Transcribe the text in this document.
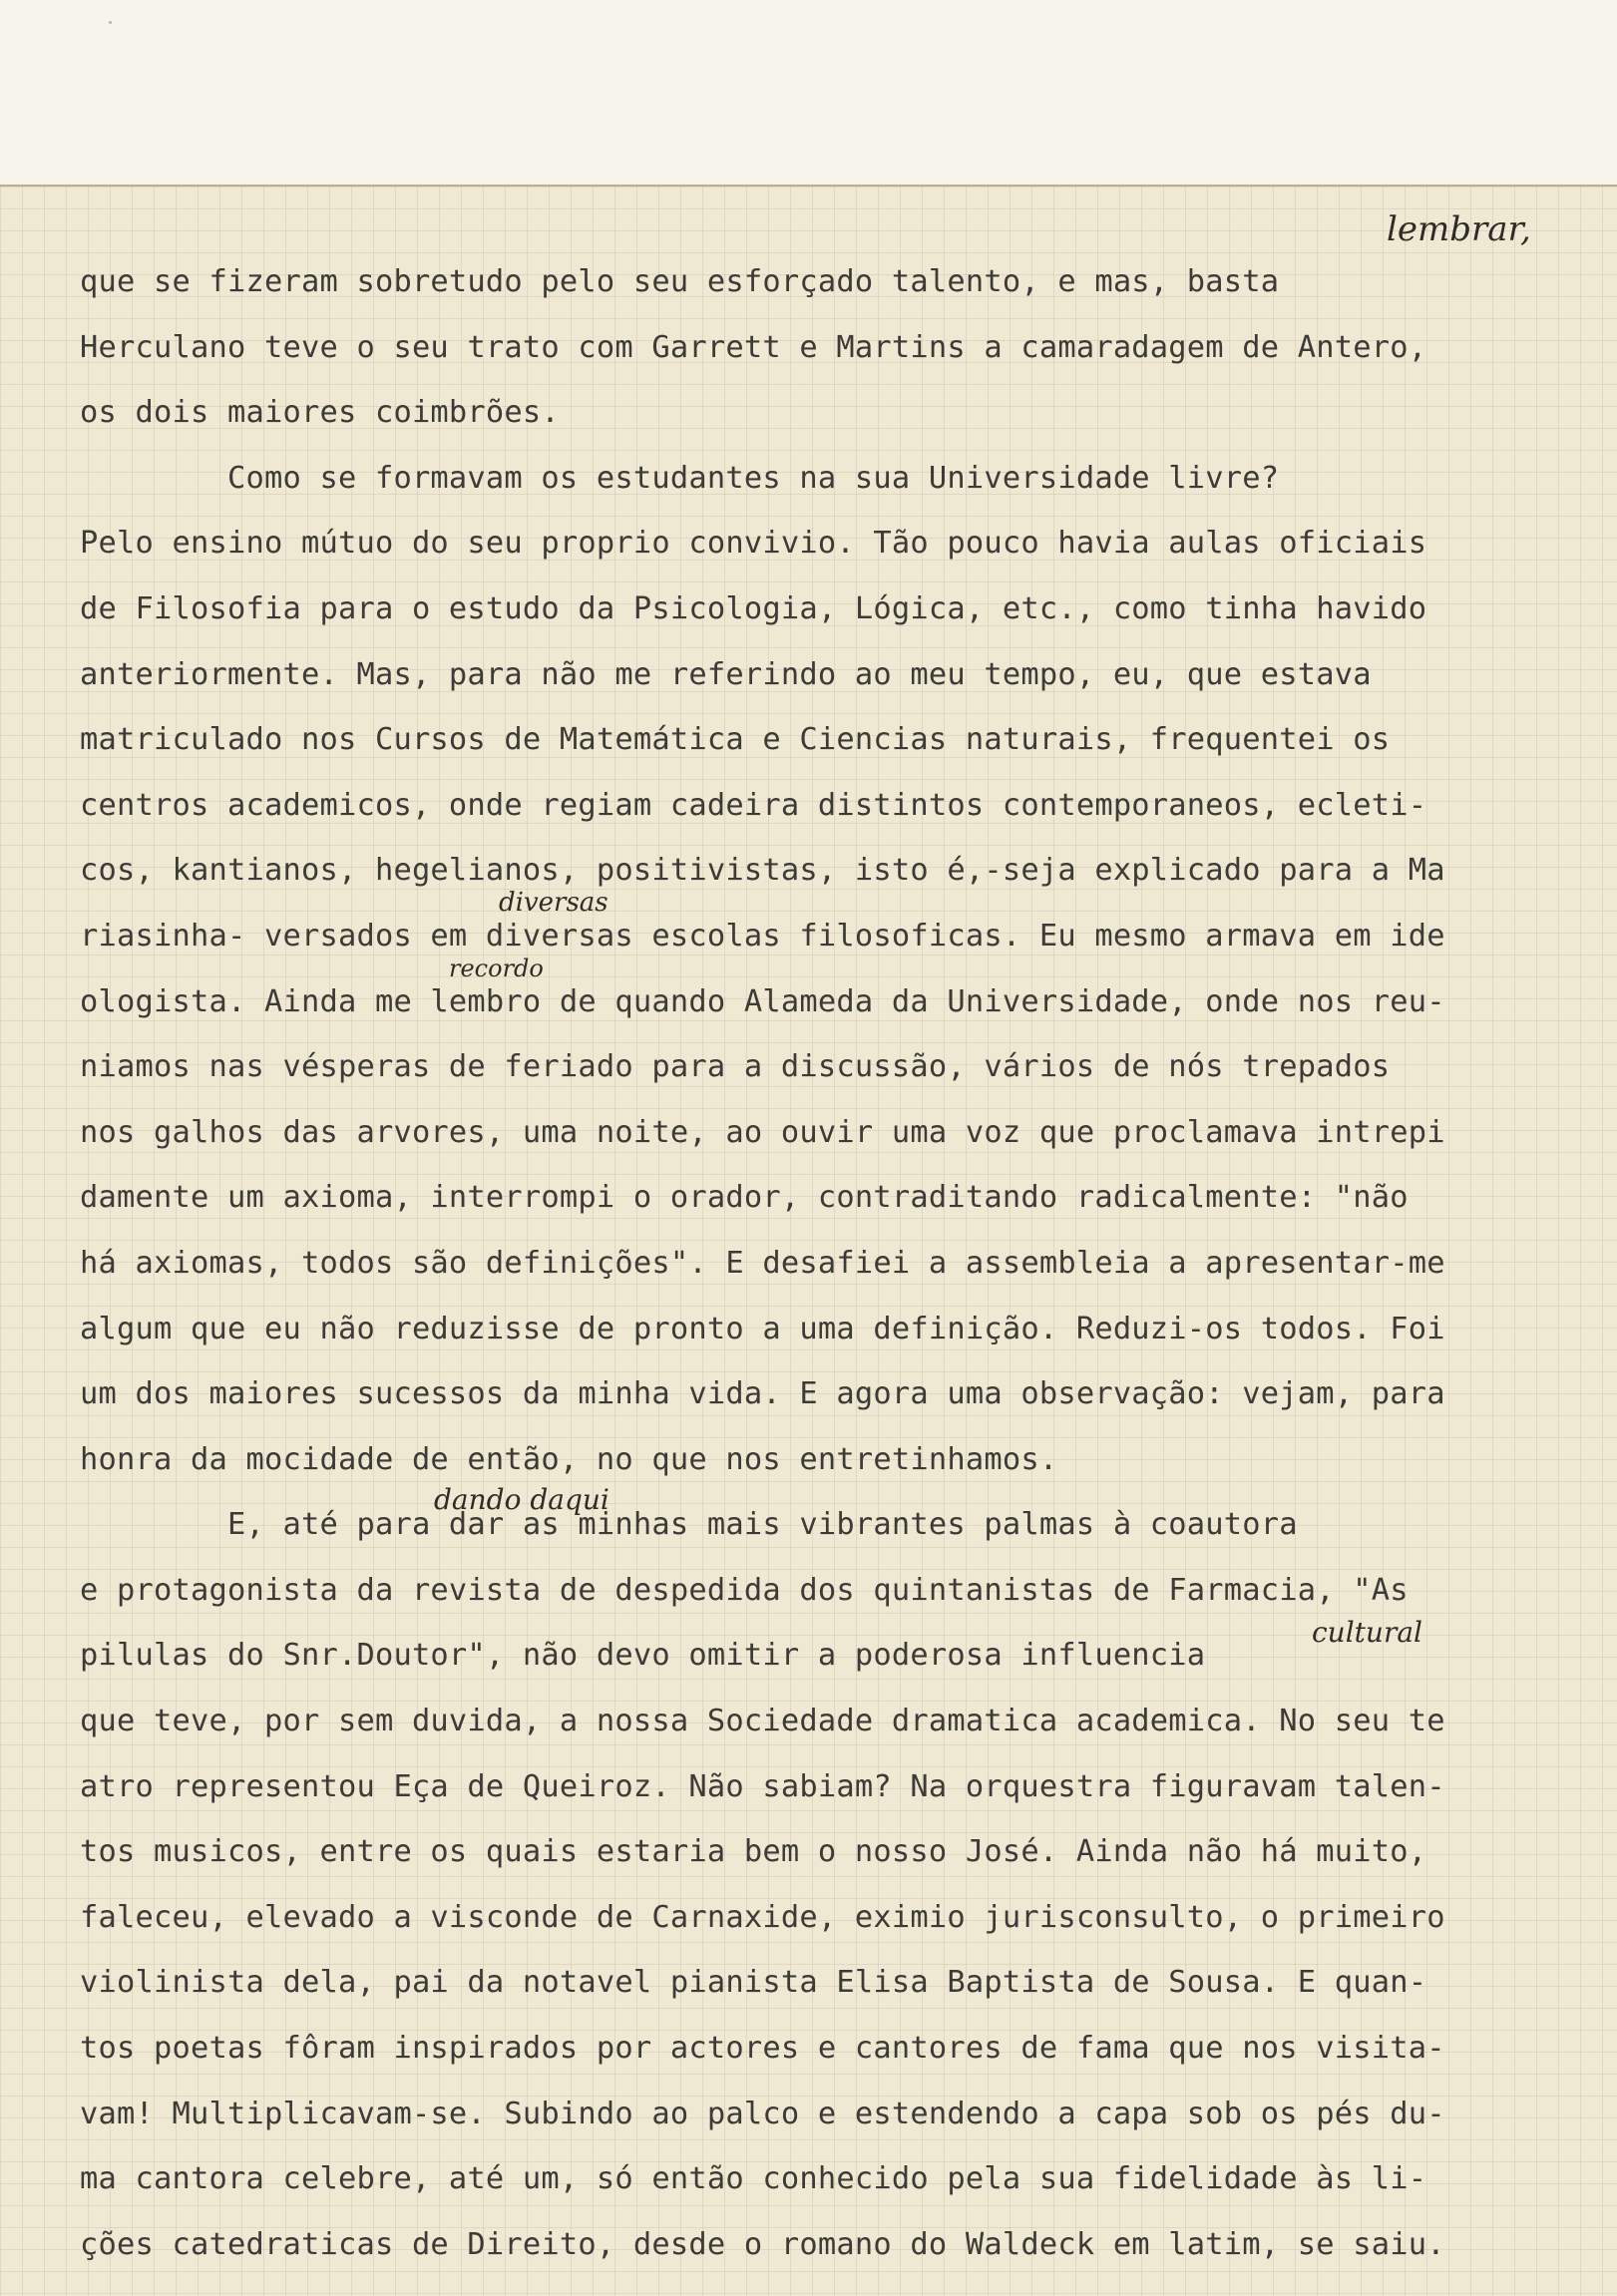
que se fizeram sobretudo pelo seu esforçado talento, e mas, basta
Herculano teve o seu trato com Garrett e Martins a camaradagem de Antero,
os dois maiores coimbrões.
Como se formavam os estudantes na sua Universidade livre?
Pelo ensino mútuo do seu proprio convivio. Tão pouco havia aulas oficiais
de Filosofia para o estudo da Psicologia, Lógica, etc., como tinha havido
anteriormente. Mas, para não me referindo ao meu tempo, eu, que estava
matriculado nos Cursos de Matemática e Ciencias naturais, frequentei os
centros academicos, onde regiam cadeira distintos contemporaneos, ecleti-
cos, kantianos, hegelianos, positivistas, isto é,-seja explicado para a Ma
riasinha- versados em diversas escolas filosoficas. Eu mesmo armava em ide
ologista. Ainda me lembro de quando Alameda da Universidade, onde nos reu-
niamos nas vésperas de feriado para a discussão, vários de nós trepados
nos galhos das arvores, uma noite, ao ouvir uma voz que proclamava intrepi
damente um axioma, interrompi o orador, contraditando radicalmente: "não
há axiomas, todos são definições". E desafiei a assembleia a apresentar-me
algum que eu não reduzisse de pronto a uma definição. Reduzi-os todos. Foi
um dos maiores sucessos da minha vida. E agora uma observação: vejam, para
honra da mocidade de então, no que nos entretinhamos.
E, até para dar as minhas mais vibrantes palmas à coautora
e protagonista da revista de despedida dos quintanistas de Farmacia, "As
pilulas do Snr.Doutor", não devo omitir a poderosa influencia
que teve, por sem duvida, a nossa Sociedade dramatica academica. No seu te
atro representou Eça de Queiroz. Não sabiam? Na orquestra figuravam talen-
tos musicos, entre os quais estaria bem o nosso José. Ainda não há muito,
faleceu, elevado a visconde de Carnaxide, eximio jurisconsulto, o primeiro
violinista dela, pai da notavel pianista Elisa Baptista de Sousa. E quan-
tos poetas fôram inspirados por actores e cantores de fama que nos visita-
vam! Multiplicavam-se. Subindo ao palco e estendendo a capa sob os pés du-
ma cantora celebre, até um, só então conhecido pela sua fidelidade às li-
ções catedraticas de Direito, desde o romano do Waldeck em latim, se saiu.
lembrar,
diversas
recordo
dando daqui
cultural
